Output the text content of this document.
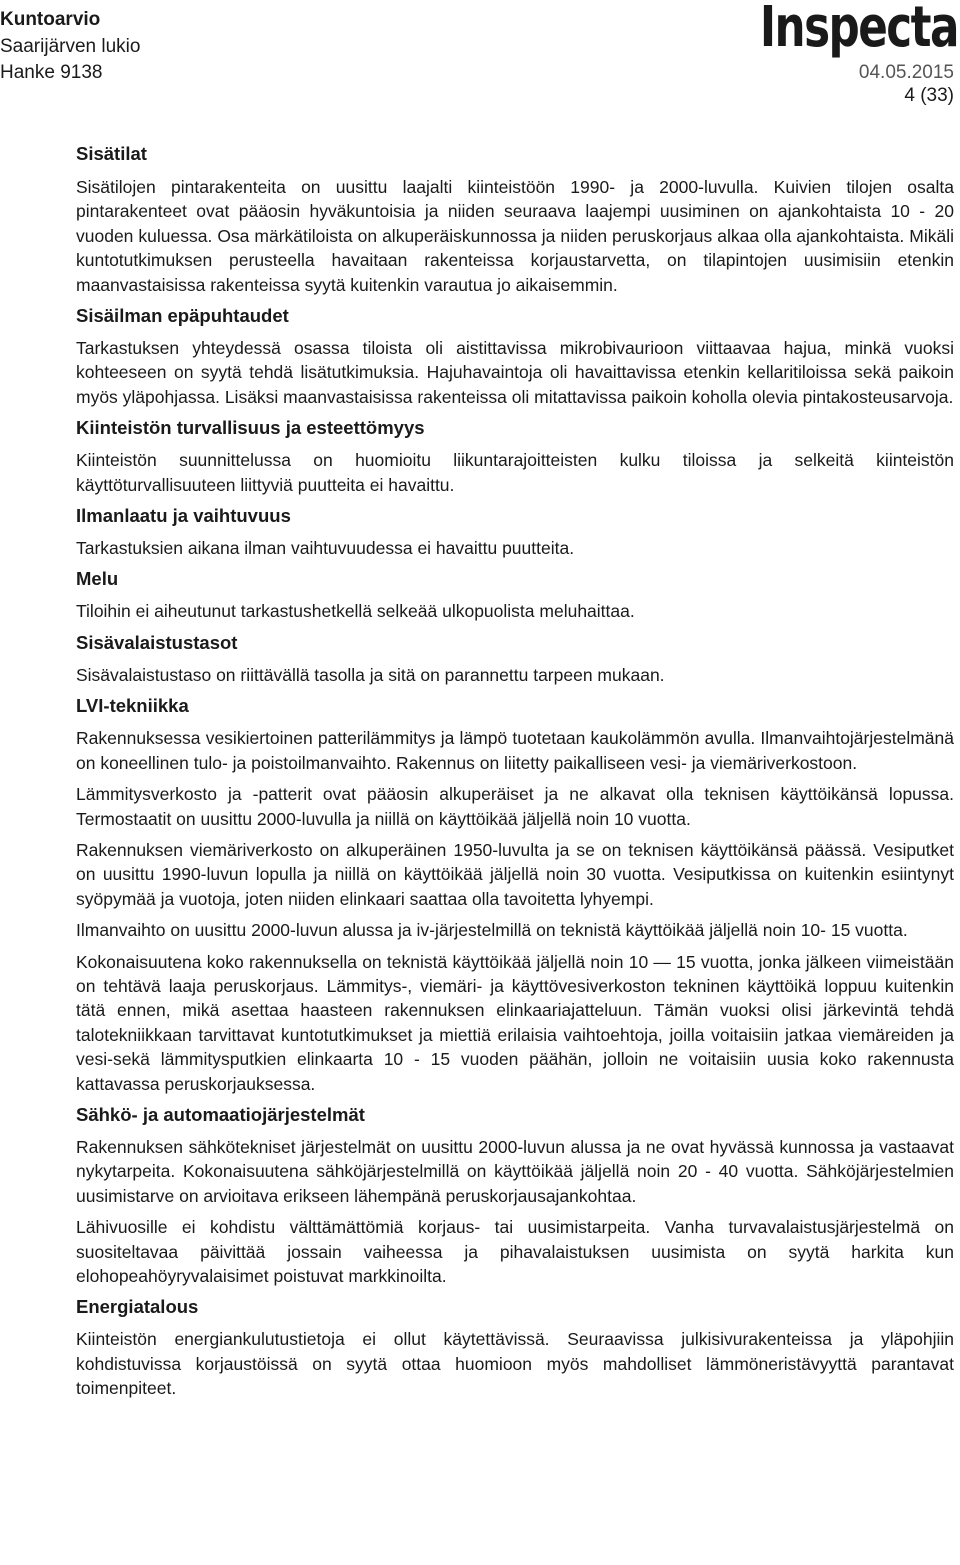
Kuntoarvio
Saarijärven lukio
Hanke 9138
Inspecta
04.05.2015
4 (33)
Sisätilat

Sisätilojen pintarakenteita on uusittu laajalti kiinteistöön 1990- ja 2000-luvulla. Kuivien tilojen osalta pintarakenteet ovat pääosin hyväkuntoisia ja niiden seuraava laajempi uusiminen on ajankohtaista 10 - 20 vuoden kuluessa. Osa märkätiloista on alkuperäiskunnossa ja niiden peruskorjaus alkaa olla ajankohtaista. Mikäli kuntotutkimuksen perusteella havaitaan rakenteissa korjaustarvetta, on tilapintojen uusimisiin etenkin maanvastaisissa rakenteissa syytä kuitenkin varautua jo aikaisemmin.

Sisäilman epäpuhtaudet

Tarkastuksen yhteydessä osassa tiloista oli aistittavissa mikrobivaurioon viittaavaa hajua, minkä vuoksi kohteeseen on syytä tehdä lisätutkimuksia. Hajuhavaintoja oli havaittavissa etenkin kellaritiloissa sekä paikoin myös yläpohjassa. Lisäksi maanvastaisissa rakenteissa oli mitattavissa paikoin koholla olevia pintakosteusarvoja.

Kiinteistön turvallisuus ja esteettömyys

Kiinteistön suunnittelussa on huomioitu liikuntarajoitteisten kulku tiloissa ja selkeitä kiinteistön käyttöturvallisuuteen liittyviä puutteita ei havaittu.

Ilmanlaatu ja vaihtuvuus

Tarkastuksien aikana ilman vaihtuvuudessa ei havaittu puutteita.

Melu

Tiloihin ei aiheutunut tarkastushetkellä selkeää ulkopuolista meluhaittaa.

Sisävalaistustasot

Sisävalaistustaso on riittävällä tasolla ja sitä on parannettu tarpeen mukaan.

LVI-tekniikka

Rakennuksessa vesikiertoinen patterilämmitys ja lämpö tuotetaan kaukolämmön avulla. Ilmanvaihtojärjestelmänä on koneellinen tulo- ja poistoilmanvaihto. Rakennus on liitetty paikalliseen vesi- ja viemäriverkostoon.

Lämmitysverkosto ja -patterit ovat pääosin alkuperäiset ja ne alkavat olla teknisen käyttöikänsä lopussa. Termostaatit on uusittu 2000-luvulla ja niillä on käyttöikää jäljellä noin 10 vuotta.

Rakennuksen viemäriverkosto on alkuperäinen 1950-luvulta ja se on teknisen käyttöikänsä päässä. Vesiputket on uusittu 1990-luvun lopulla ja niillä on käyttöikää jäljellä noin 30 vuotta. Vesiputkissa on kuitenkin esiintynyt syöpymää ja vuotoja, joten niiden elinkaari saattaa olla tavoitetta lyhyempi.

Ilmanvaihto on uusittu 2000-luvun alussa ja iv-järjestelmillä on teknistä käyttöikää jäljellä noin 10- 15 vuotta.

Kokonaisuutena koko rakennuksella on teknistä käyttöikää jäljellä noin 10 — 15 vuotta, jonka jälkeen viimeistään on tehtävä laaja peruskorjaus. Lämmitys-, viemäri- ja käyttövesiverkoston tekninen käyttöikä loppuu kuitenkin tätä ennen, mikä asettaa haasteen rakennuksen elinkaariajatteluun. Tämän vuoksi olisi järkevintä tehdä talotekniikkaan tarvittavat kuntotutkimukset ja miettiä erilaisia vaihtoehtoja, joilla voitaisiin jatkaa viemäreiden ja vesi-sekä lämmitysputkien elinkaarta 10 - 15 vuoden päähän, jolloin ne voitaisiin uusia koko rakennusta kattavassa peruskorjauksessa.

Sähkö- ja automaatiojärjestelmät

Rakennuksen sähkötekniset järjestelmät on uusittu 2000-luvun alussa ja ne ovat hyvässä kunnossa ja vastaavat nykytarpeita. Kokonaisuutena sähköjärjestelmillä on käyttöikää jäljellä noin 20 - 40 vuotta. Sähköjärjestelmien uusimistarve on arvioitava erikseen lähempänä peruskorjausajankohtaa.

Lähivuosille ei kohdistu välttämättömiä korjaus- tai uusimistarpeita. Vanha turvavalaistusjärjestelmä on suositeltavaa päivittää jossain vaiheessa ja pihavalaistuksen uusimista on syytä harkita kun elohopeahöyryvalaisimet poistuvat markkinoilta.

Energiatalous

Kiinteistön energiankulutustietoja ei ollut käytettävissä. Seuraavissa julkisivurakenteissa ja yläpohjiin kohdistuvissa korjaustöissä on syytä ottaa huomioon myös mahdolliset lämmöneristävyyttä parantavat toimenpiteet.
